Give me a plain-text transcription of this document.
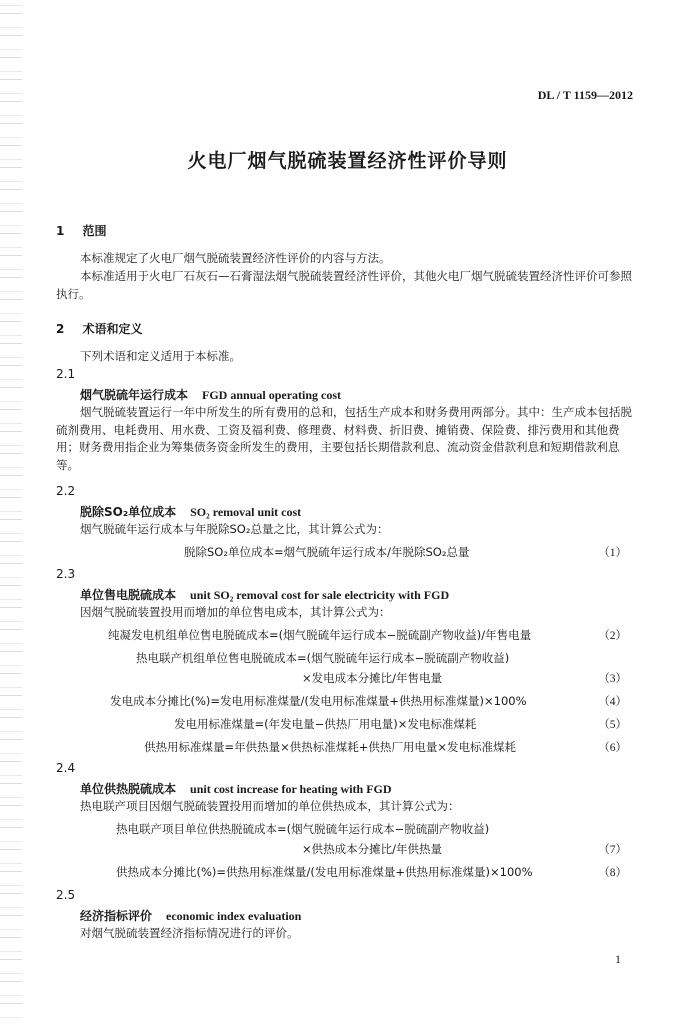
DL / T 1159—2012
火电厂烟气脱硫装置经济性评价导则
1 范围
本标准规定了火电厂烟气脱硫装置经济性评价的内容与方法。
本标准适用于火电厂石灰石—石膏湿法烟气脱硫装置经济性评价，其他火电厂烟气脱硫装置经济性评价可参照执行。
2 术语和定义
下列术语和定义适用于本标准。
2.1
烟气脱硫年运行成本 FGD annual operating cost
烟气脱硫装置运行一年中所发生的所有费用的总和，包括生产成本和财务费用两部分。其中：生产成本包括脱硫剂费用、电耗费用、用水费、工资及福利费、修理费、材料费、折旧费、摊销费、保险费、排污费用和其他费用；财务费用指企业为筹集债务资金所发生的费用，主要包括长期借款利息、流动资金借款利息和短期借款利息等。
2.2
脱除SO₂单位成本 SO₂ removal unit cost
烟气脱硫年运行成本与年脱除SO₂总量之比，其计算公式为：
脱除SO₂单位成本=烟气脱硫年运行成本/年脱除SO₂总量	（1）
2.3
单位售电脱硫成本 unit SO₂ removal cost for sale electricity with FGD
因烟气脱硫装置投用而增加的单位售电成本，其计算公式为：
纯凝发电机组单位售电脱硫成本=(烟气脱硫年运行成本−脱硫副产物收益)/年售电量	（2）
热电联产机组单位售电脱硫成本=(烟气脱硫年运行成本−脱硫副产物收益)
×发电成本分摊比/年售电量	（3）
发电成本分摊比(%)=发电用标准煤量/(发电用标准煤量+供热用标准煤量)×100%	（4）
发电用标准煤量=(年发电量−供热厂用电量)×发电标准煤耗	（5）
供热用标准煤量=年供热量×供热标准煤耗+供热厂用电量×发电标准煤耗	（6）
2.4
单位供热脱硫成本 unit cost increase for heating with FGD
热电联产项目因烟气脱硫装置投用而增加的单位供热成本，其计算公式为：
热电联产项目单位供热脱硫成本=(烟气脱硫年运行成本−脱硫副产物收益)
×供热成本分摊比/年供热量	（7）
供热成本分摊比(%)=供热用标准煤量/(发电用标准煤量+供热用标准煤量)×100%	（8）
2.5
经济指标评价 economic index evaluation
对烟气脱硫装置经济指标情况进行的评价。
1
